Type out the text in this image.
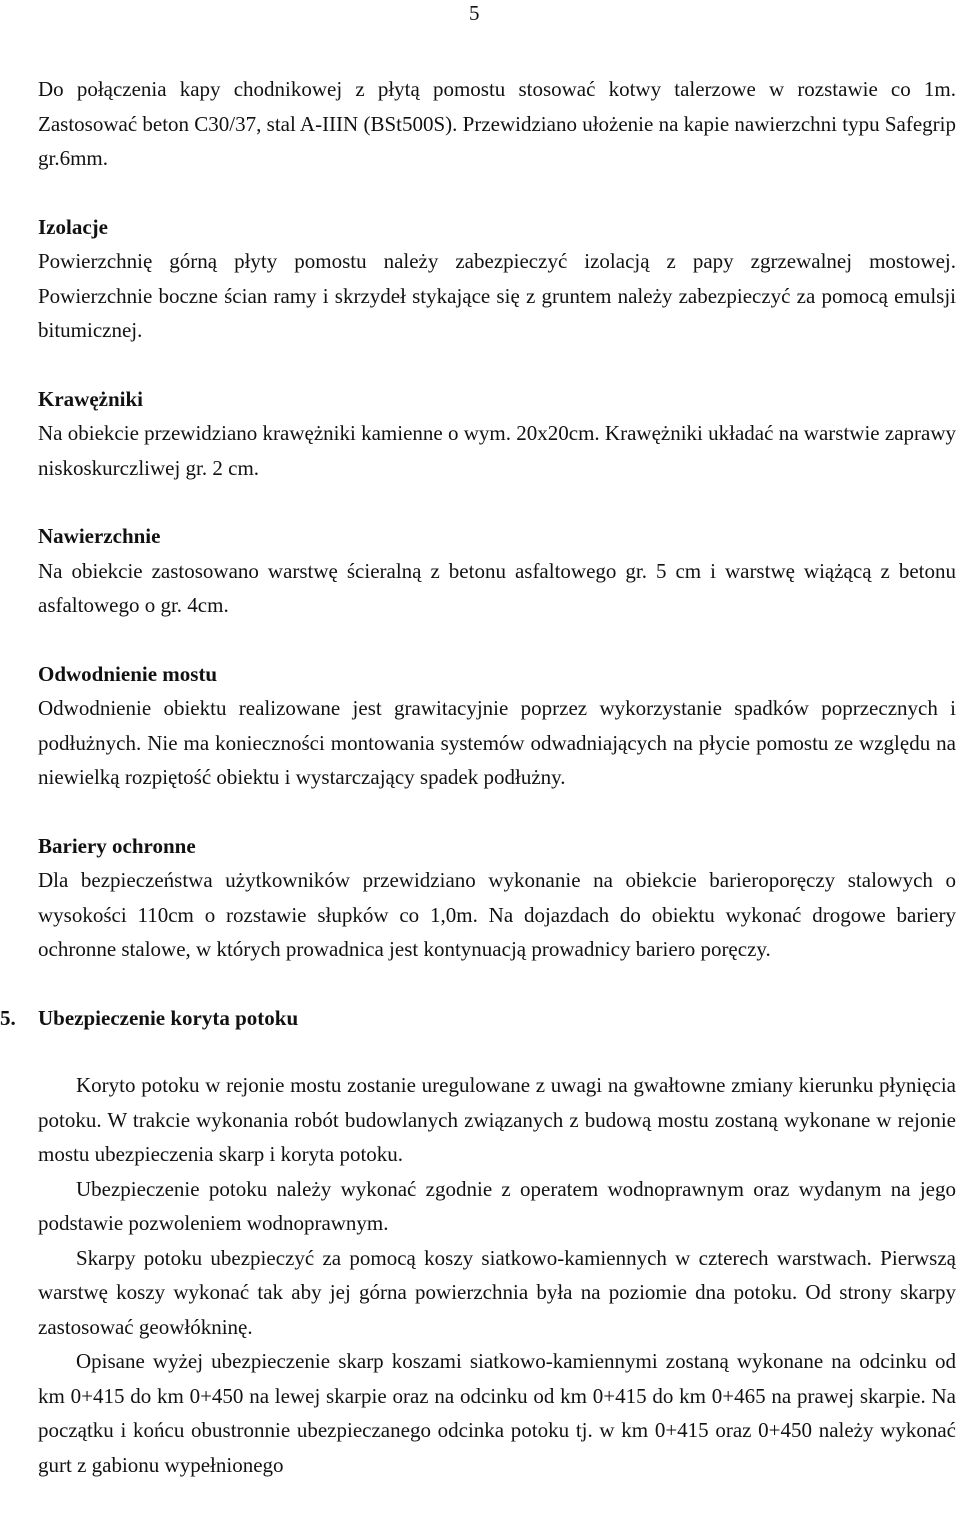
5

Do połączenia kapy chodnikowej z płytą pomostu stosować kotwy talerzowe w rozstawie co 1m. Zastosować beton C30/37, stal A-IIIN (BSt500S). Przewidziano ułożenie na kapie nawierzchni typu Safegrip gr.6mm.

Izolacje

Powierzchnię górną płyty pomostu należy zabezpieczyć izolacją z papy zgrzewalnej mostowej. Powierzchnie boczne ścian ramy i skrzydeł stykające się z gruntem należy zabezpieczyć za pomocą emulsji bitumicznej.

Krawężniki

Na obiekcie przewidziano krawężniki kamienne o wym. 20x20cm. Krawężniki układać na warstwie zaprawy niskoskurczliwej gr. 2 cm.

Nawierzchnie

Na obiekcie zastosowano warstwę ścieralną z betonu asfaltowego gr. 5 cm i warstwę wiążącą z betonu asfaltowego o gr. 4cm.

Odwodnienie mostu

Odwodnienie obiektu realizowane jest grawitacyjnie poprzez wykorzystanie spadków poprzecznych i podłużnych. Nie ma konieczności montowania systemów odwadniających na płycie pomostu ze względu na niewielką rozpiętość obiektu i wystarczający spadek podłużny.

Bariery ochronne

Dla bezpieczeństwa użytkowników przewidziano wykonanie na obiekcie barieroporęczy stalowych o wysokości 110cm o rozstawie słupków co 1,0m. Na dojazdach do obiektu wykonać drogowe bariery ochronne stalowe, w których prowadnica jest kontynuacją prowadnicy bariero poręczy.

5. Ubezpieczenie koryta potoku

Koryto potoku w rejonie mostu zostanie uregulowane z uwagi na gwałtowne zmiany kierunku płynięcia potoku. W trakcie wykonania robót budowlanych związanych z budową mostu zostaną wykonane w rejonie mostu ubezpieczenia skarp i koryta potoku.

Ubezpieczenie potoku należy wykonać zgodnie z operatem wodnoprawnym oraz wydanym na jego podstawie pozwoleniem wodnoprawnym.

Skarpy potoku ubezpieczyć za pomocą koszy siatkowo-kamiennych w czterech warstwach. Pierwszą warstwę koszy wykonać tak aby jej górna powierzchnia była na poziomie dna potoku. Od strony skarpy zastosować geowłókninę.

Opisane wyżej ubezpieczenie skarp koszami siatkowo-kamiennymi zostaną wykonane na odcinku od km 0+415 do km 0+450 na lewej skarpie oraz na odcinku od km 0+415 do km 0+465 na prawej skarpie. Na początku i końcu obustronnie ubezpieczanego odcinka potoku tj. w km 0+415 oraz 0+450 należy wykonać gurt z gabionu wypełnionego
